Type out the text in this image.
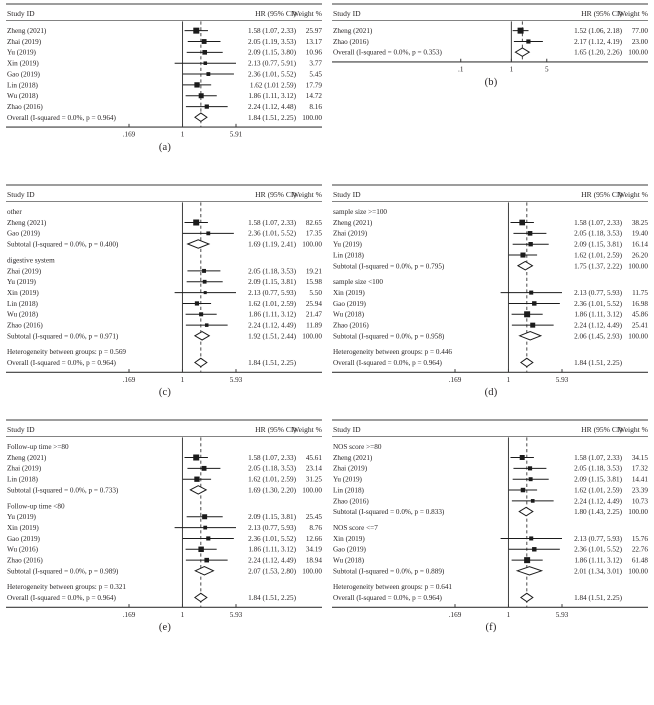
Study ID	HR (95% CI)
Weight %
Zheng (2021)	1.58 (1.07, 2.33) 25.97
Zhai (2019)	2.05 (1.19, 3.53) 13.17
Yu (2019)	2.09 (1.15, 3.80) 10.96
Xin (2019)	2.13 (0.77, 5.91) 3.77
Gao (2019)	2.36 (1.01, 5.52) 5.45
Lin (2018)	1.62 (1.01 2.59) 17.79
Wu (2018)	1.86 (1.11, 3.12) 14.72
Zhao (2016)	2.24 (1.12, 4.48) 8.16
Overall (I-squared = 0.0%, p = 0.964)	1.84 (1.51, 2.25) 100.00
.169	1	5.91
(a)
Study ID	HR (95% CI)
Weight %
Zheng (2021)	1.52 (1.06, 2.18) 77.00
Zhao (2016)	2.17 (1.12, 4.19) 23.00
Overall (I-squared = 0.0%, p = 0.353)	1.65 (1.20, 2.26) 100.00
.1	1	5
(b)
Study ID	HR (95% CI)
Weight %
other
Zheng (2021)	1.58 (1.07, 2.33) 82.65
Gao (2019)	2.36 (1.01, 5.52) 17.35
Subtotal (I-squared = 0.0%, p = 0.400)	1.69 (1.19, 2.41) 100.00
digestive system
Zhai (2019)	2.05 (1.18, 3.53) 19.21
Yu (2019)	2.09 (1.15, 3.81) 15.98
Xin (2019)	2.13 (0.77, 5.93) 5.50
Lin (2018)	1.62 (1.01, 2.59) 25.94
Wu (2018)	1.86 (1.11, 3.12) 21.47
Zhao (2016)	2.24 (1.12, 4.49) 11.89
Subtotal (I-squared = 0.0%, p = 0.971)	1.92 (1.51, 2.44) 100.00
Heterogeneity between groups: p = 0.569
Overall (I-squared = 0.0%, p = 0.964)	1.84 (1.51, 2.25)
.169	1	5.93
(c)
Study ID	HR (95% CI)
Weight %
sample size >=100
Zheng (2021)	1.58 (1.07, 2.33) 38.25
Zhai (2019)	2.05 (1.18, 3.53) 19.40
Yu (2019)	2.09 (1.15, 3.81) 16.14
Lin (2018)	1.62 (1.01, 2.59) 26.20
Subtotal (I-squared = 0.0%, p = 0.795)	1.75 (1.37, 2.22) 100.00
sample size <100
Xin (2019)	2.13 (0.77, 5.93) 11.75
Gao (2019)	2.36 (1.01, 5.52) 16.98
Wu (2018)	1.86 (1.11, 3.12) 45.86
Zhao (2016)	2.24 (1.12, 4.49) 25.41
Subtotal (I-squared = 0.0%, p = 0.958)	2.06 (1.45, 2.93) 100.00
Heterogeneity between groups: p = 0.446
Overall (I-squared = 0.0%, p = 0.964)	1.84 (1.51, 2.25)
.169	1	5.93
(d)
Study ID	HR (95% CI)
Weight %
Follow-up time >=80
Zheng (2021)	1.58 (1.07, 2.33) 45.61
Zhai (2019)	2.05 (1.18, 3.53) 23.14
Lin (2018)	1.62 (1.01, 2.59) 31.25
Subtotal (I-squared = 0.0%, p = 0.733)	1.69 (1.30, 2.20) 100.00
Follow-up time <80
Yu (2019)	2.09 (1.15, 3.81) 25.45
Xin (2019)	2.13 (0.77, 5.93) 8.76
Gao (2019)	2.36 (1.01, 5.52) 12.66
Wu (2016)	1.86 (1.11, 3.12) 34.19
Zhao (2016)	2.24 (1.12, 4.49) 18.94
Subtotal (I-squared = 0.0%, p = 0.989)	2.07 (1.53, 2.80) 100.00
Heterogeneity between groups: p = 0.321
Overall (I-squared = 0.0%, p = 0.964)	1.84 (1.51, 2.25)
.169	1	5.93
(e)
Study ID	HR (95% CI)
Weight %
NOS score >=80
Zheng (2021)	1.58 (1.07, 2.33) 34.15
Zhai (2019)	2.05 (1.18, 3.53) 17.32
Yu (2019)	2.09 (1.15, 3.81) 14.41
Lin (2018)	1.62 (1.01, 2.59) 23.39
Zhao (2016)	2.24 (1.12, 4.49) 10.73
Subtotal (I-squared = 0.0%, p = 0.833)	1.80 (1.43, 2.25) 100.00
NOS score <=7
Xin (2019)	2.13 (0.77, 5.93) 15.76
Gao (2019)	2.36 (1.01, 5.52) 22.76
Wu (2018)	1.86 (1.11, 3.12) 61.48
Subtotal (I-squared = 0.0%, p = 0.889)	2.01 (1.34, 3.01) 100.00
Heterogeneity between groups: p = 0.641
Overall (I-squared = 0.0%, p = 0.964)	1.84 (1.51, 2.25)
.169	1	5.93
(f)
